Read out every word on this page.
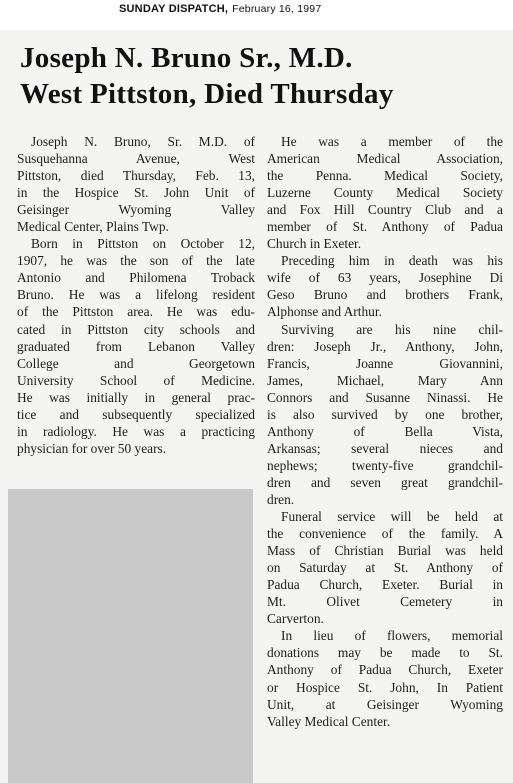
SUNDAY DISPATCH, February 16, 1997
Joseph N. Bruno Sr., M.D.
West Pittston, Died Thursday

Joseph N. Bruno, Sr. M.D. of
Susquehanna Avenue, West
Pittston, died Thursday, Feb. 13,
in the Hospice St. John Unit of
Geisinger Wyoming Valley
Medical Center, Plains Twp.

Born in Pittston on October 12,
1907, he was the son of the late
Antonio and Philomena Troback
Bruno. He was a lifelong resident
of the Pittston area. He was edu-
cated in Pittston city schools and
graduated from Lebanon Valley
College and Georgetown
University School of Medicine.
He was initially in general prac-
tice and subsequently specialized
in radiology. He was a practicing
physician for over 50 years.

He was a member of the
American Medical Association,
the Penna. Medical Society,
Luzerne County Medical Society
and Fox Hill Country Club and a
member of St. Anthony of Padua
Church in Exeter.

Preceding him in death was his
wife of 63 years, Josephine Di
Geso Bruno and brothers Frank,
Alphonse and Arthur.

Surviving are his nine chil-
dren: Joseph Jr., Anthony, John,
Francis, Joanne Giovannini,
James, Michael, Mary Ann
Connors and Susanne Ninassi. He
is also survived by one brother,
Anthony of Bella Vista,
Arkansas; several nieces and
nephews; twenty-five grandchil-
dren and seven great grandchil-
dren.

Funeral service will be held at
the convenience of the family. A
Mass of Christian Burial was held
on Saturday at St. Anthony of
Padua Church, Exeter. Burial in
Mt. Olivet Cemetery in
Carverton.

In lieu of flowers, memorial
donations may be made to St.
Anthony of Padua Church, Exeter
or Hospice St. John, In Patient
Unit, at Geisinger Wyoming
Valley Medical Center.
